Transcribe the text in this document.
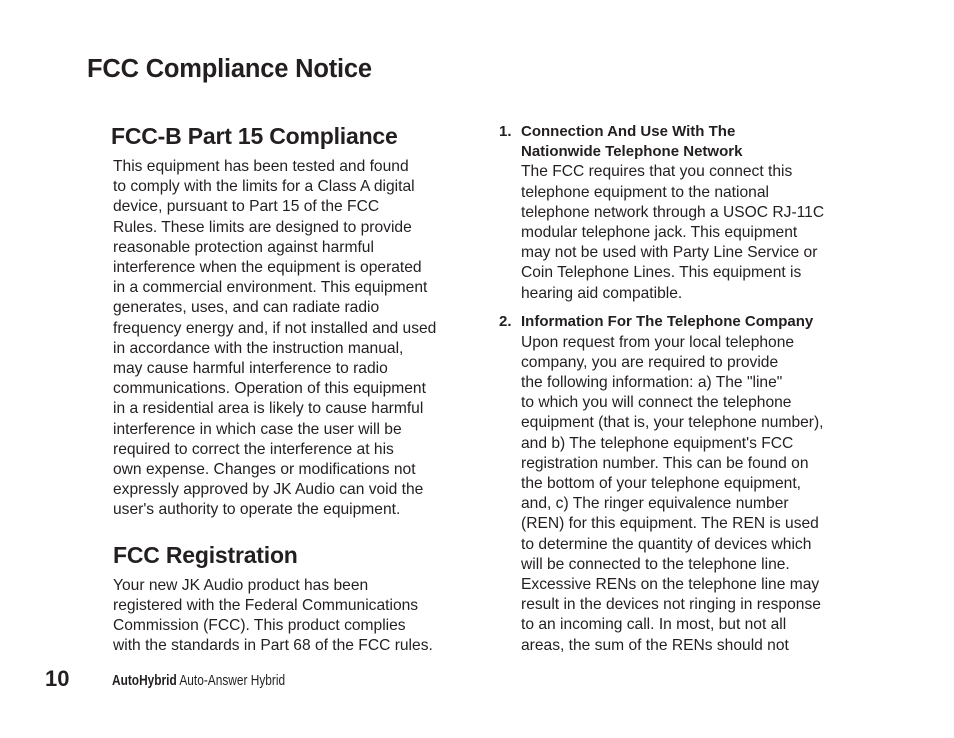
FCC Compliance Notice
FCC-B Part 15 Compliance

This equipment has been tested and found
to comply with the limits for a Class A digital
device, pursuant to Part 15 of the FCC
Rules. These limits are designed to provide
reasonable protection against harmful
interference when the equipment is operated
in a commercial environment. This equipment
generates, uses, and can radiate radio
frequency energy and, if not installed and used
in accordance with the instruction manual,
may cause harmful interference to radio
communications. Operation of this equipment
in a residential area is likely to cause harmful
interference in which case the user will be
required to correct the interference at his
own expense. Changes or modifications not
expressly approved by JK Audio can void the
user's authority to operate the equipment.

FCC Registration

Your new JK Audio product has been
registered with the Federal Communications
Commission (FCC). This product complies
with the standards in Part 68 of the FCC rules.

1. Connection And Use With The
Nationwide Telephone Network

The FCC requires that you connect this
telephone equipment to the national
telephone network through a USOC RJ-11C
modular telephone jack. This equipment
may not be used with Party Line Service or
Coin Telephone Lines. This equipment is
hearing aid compatible.

2. Information For The Telephone Company

Upon request from your local telephone
company, you are required to provide
the following information: a) The "line"
to which you will connect the telephone
equipment (that is, your telephone number),
and b) The telephone equipment's FCC
registration number. This can be found on
the bottom of your telephone equipment,
and, c) The ringer equivalence number
(REN) for this equipment. The REN is used
to determine the quantity of devices which
will be connected to the telephone line.
Excessive RENs on the telephone line may
result in the devices not ringing in response
to an incoming call. In most, but not all
areas, the sum of the RENs should not

10	AutoHybrid Auto-Answer Hybrid
